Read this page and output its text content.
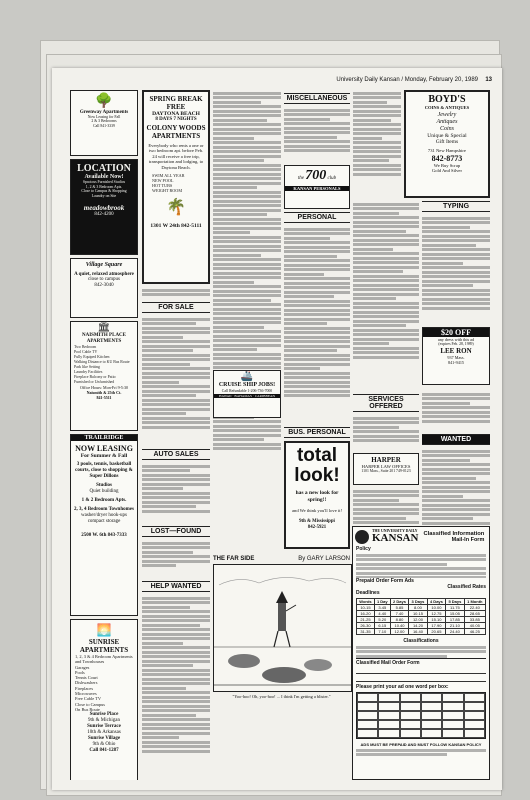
University Daily Kansan / Monday, February 20, 1989 13
🌳
Greenway Apartments
Now Leasing for Fall
2 & 3 Bedrooms
Call 841-3339
LOCATION
Available Now!
Spacious Furnished Studios
1, 2 & 3 Bedroom Apts.
Close to Campus & Shopping
Laundry on Site
meadowbrook
842-4200
Village Square
A quiet, relaxed atmosphere
close to campus
842-3040
🏛
NAISMITH PLACE APARTMENTS
Two Bedroom
Pool Cable TV
Fully Equiped Kitchen
Walking Distance to KU Bus Route
Park like Setting
Laundry Facilities
Fireplace Balcony or Patio
Furnished or Unfurnished
Office Hours: Mon-Fri 9-5:30
Naismith & 25th Ct.
841-5511
TRAILRIDGE
NOW LEASING
For Summer & Fall
3 pools, tennis, basketball courts, close to shopping & Super Dillons
Studios
Quiet building
1 & 2 Bedroom Apts.
2, 3, 4 Bedroom Townhomes
washer/dryer hook-ups
compact storage
2500 W. 6th 843-7333
🌅
SUNRISE APARTMENTS
1, 2, 3 & 4 Bedroom Apartments and Townhouses
Garages
Pools
Tennis Court
Dishwashers
Fireplaces
Microwaves
Free Cable TV
Close to Campus
On Bus Route
Sunrise Place
9th & Michigan
Sunrise Terrace
10th & Arkansas
Sunrise Village
9th & Ohio
Call 841-1287
SPRING BREAK FREE
DAYTONA BEACH
8 DAYS 7 NIGHTS
COLONY WOODS APARTMENTS
Everybody who rents a one or two bedroom apt. before Feb. 24 will receive a free trip, transportation and lodging, to Daytona Beach.
SWIM ALL YEAR
NEW POOL
HOT TUBS
WEIGHT ROOM
🌴
1301 W 24th 842-5111
FOR SALE
AUTO SALES
LOST—FOUND
HELP WANTED
🚢
CRUISE SHIP JOBS!
Call Refundable 1-206-736-7000
HAWAII · BAHAMAS · CARIBBEAN
MISCELLANEOUS
the 700 club
KANSAN PERSONALS
PERSONAL
BUS. PERSONAL
total look!
has a new look for spring!!
and We think you'll love it!
9th & Mississippi
842-5921
THE FAR SIDE	By GARY LARSON
"Yoo-hoo! Oh, yoo-hoo! ... I think I'm getting a blister."
BOYD'S
COINS & ANTIQUES
Jewelry
Antiques
Coins
Unique & Special
Gift Items
731 New Hampshire
842-8773
We Buy Scrap
Gold And Silver
TYPING
$20 OFF
any dress with this ad
(expires Feb. 28, 1989)
LEE RON
937 Mass.
841-9415
SERVICES OFFERED
HARPER
HARPER LAW OFFICES
1101 Mass., Suite 201 749-0123
WANTED
THE UNIVERSITY DAILY
KANSAN Classified Information
Mail-In Form
Policy
Prepaid Order Form Ads
Classified Rates
Deadlines
Words	1 Day	2 Days	3 Days	4 Days	5 Days	1 Month
10-15	3.45	5.85	8.00	10.00	11.75	22.40
16-20	4.40	7.40	10.15	12.75	15.05	28.65
21-25	5.20	8.80	12.00	15.10	17.85	33.85
26-30	6.15	10.40	14.20	17.90	21.10	40.05
31-35	7.10	12.00	16.40	20.65	24.40	46.25
Classifications
Classified Mail Order Form
Please print your ad one word per box:
ADS MUST BE PREPAID AND MUST FOLLOW KANSAN POLICY
